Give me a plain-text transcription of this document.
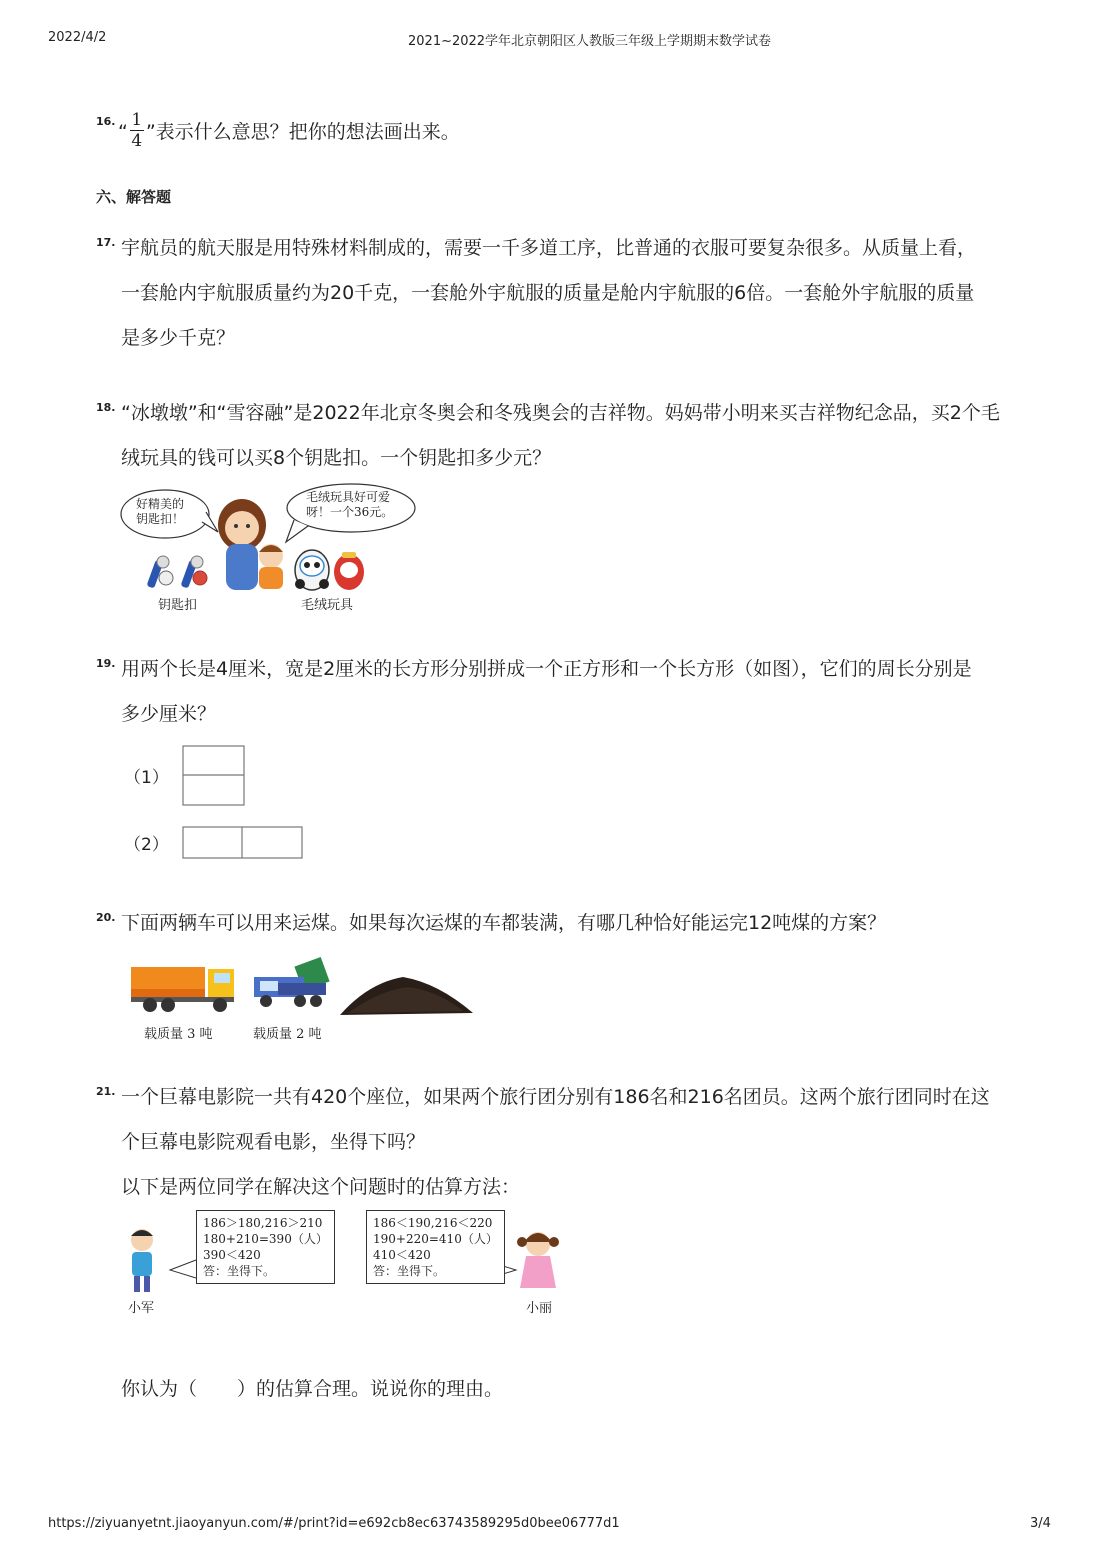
2022/4/2	2021~2022学年北京朝阳区人教版三年级上学期期末数学试卷
16. “ $\frac{1}{4}$ ”表示什么意思？把你的想法画出来。
六、解答题
17. 宇航员的航天服是用特殊材料制成的，需要一千多道工序，比普通的衣服可要复杂很多。从质量上看，
一套舱内宇航服质量约为20千克，一套舱外宇航服的质量是舱内宇航服的6倍。一套舱外宇航服的质量
是多少千克？
18. “冰墩墩”和“雪容融”是2022年北京冬奥会和冬残奥会的吉祥物。妈妈带小明来买吉祥物纪念品，买2个毛
绒玩具的钱可以买8个钥匙扣。一个钥匙扣多少元？
好精美的
钥匙扣！
毛绒玩具好可爱
呀！一个36元。
钥匙扣	毛绒玩具
19. 用两个长是4厘米，宽是2厘米的长方形分别拼成一个正方形和一个长方形（如图），它们的周长分别是
多少厘米？
（1）
（2）
20. 下面两辆车可以用来运煤。如果每次运煤的车都装满，有哪几种恰好能运完12吨煤的方案？
载质量 3 吨	载质量 2 吨
21. 一个巨幕电影院一共有420个座位，如果两个旅行团分别有186名和216名团员。这两个旅行团同时在这
个巨幕电影院观看电影，坐得下吗？
以下是两位同学在解决这个问题时的估算方法：
186＞180,216＞210
180+210=390（人）
390＜420
答：坐得下。
186＜190,216＜220
190+220=410（人）
410＜420
答：坐得下。
小军	小丽
你认为（ ）的估算合理。说说你的理由。
https://ziyuanyetnt.jiaoyanyun.com/#/print?id=e692cb8ec63743589295d0bee06777d1	3/4
